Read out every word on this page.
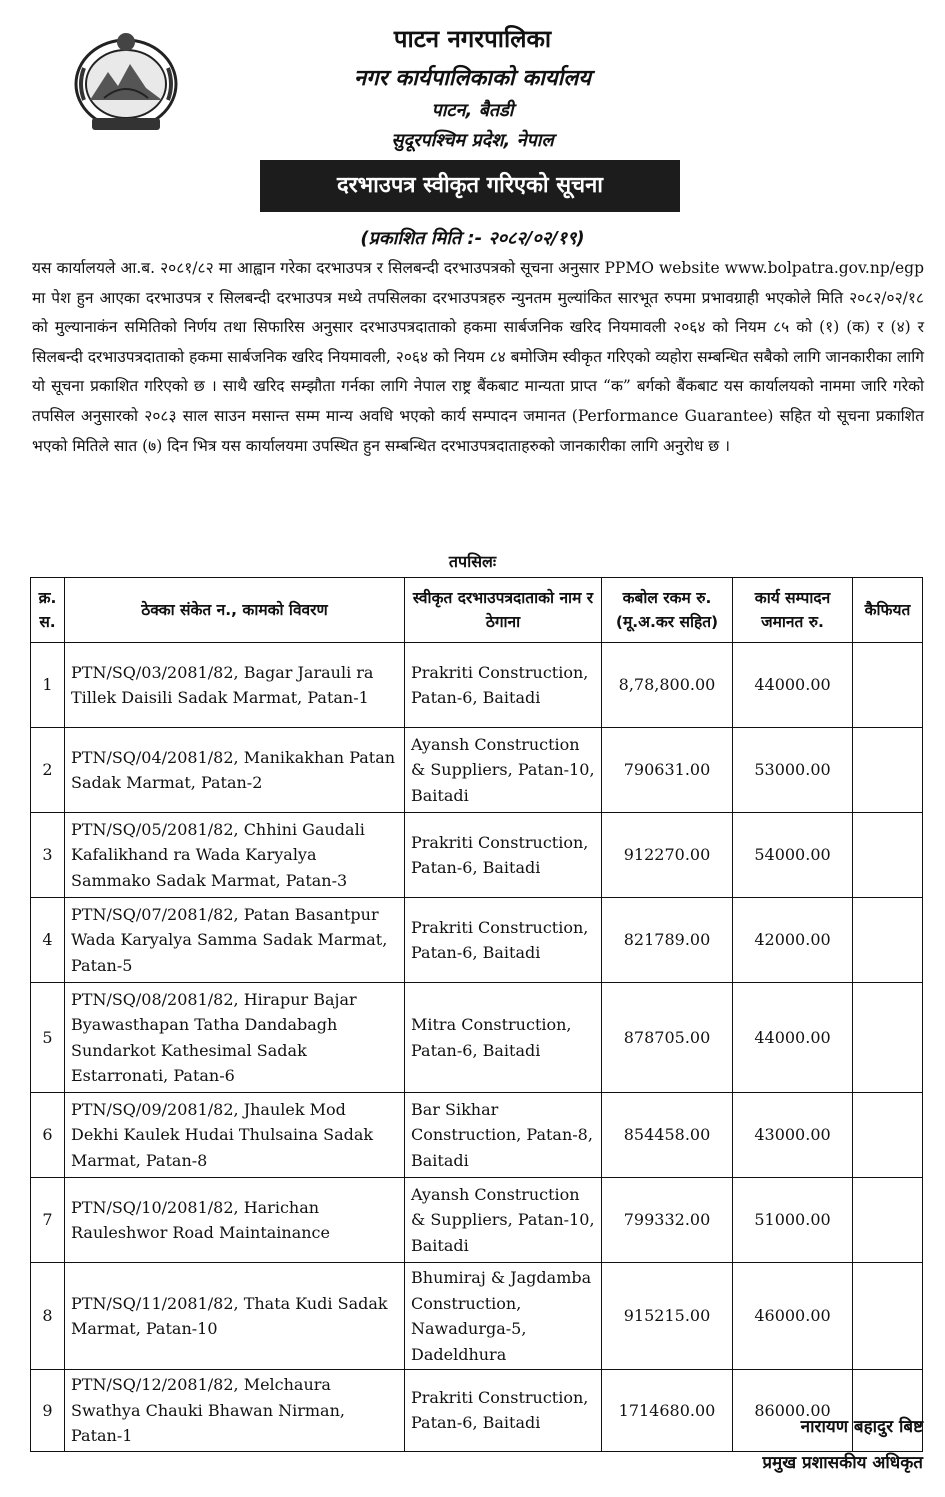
पाटन नगरपालिका
नगर कार्यपालिकाको कार्यालय
पाटन, बैतडी
सुदूरपश्चिम प्रदेश, नेपाल
दरभाउपत्र स्वीकृत गरिएको सूचना
(प्रकाशित मिति :- २०८२/०२/१९)

यस कार्यालयले आ.ब. २०८१/८२ मा आह्वान गरेका दरभाउपत्र र सिलबन्दी दरभाउपत्रको सूचना अनुसार PPMO website www.bolpatra.gov.np/egp मा पेश हुन आएका दरभाउपत्र र सिलबन्दी दरभाउपत्र मध्ये तपसिलका दरभाउपत्रहरु न्युनतम मुल्यांकित सारभूत रुपमा प्रभावग्राही भएकोले मिति २०८२/०२/१८ को मुल्यानाकंन समितिको निर्णय तथा सिफारिस अनुसार दरभाउपत्रदाताको हकमा सार्बजनिक खरिद नियमावली २०६४ को नियम ८५ को (१) (क) र (४) र सिलबन्दी दरभाउपत्रदाताको हकमा सार्बजनिक खरिद नियमावली, २०६४ को नियम ८४ बमोजिम स्वीकृत गरिएको व्यहोरा सम्बन्धित सबैको लागि जानकारीका लागि यो सूचना प्रकाशित गरिएको छ । साथै खरिद सम्झौता गर्नका लागि नेपाल राष्ट्र बैंकबाट मान्यता प्राप्त “क” बर्गको बैंकबाट यस कार्यालयको नाममा जारि गरेको तपसिल अनुसारको २०८३ साल साउन मसान्त सम्म मान्य अवधि भएको कार्य सम्पादन जमानत (Performance Guarantee) सहित यो सूचना प्रकाशित भएको मितिले सात (७) दिन भित्र यस कार्यालयमा उपस्थित हुन सम्बन्धित दरभाउपत्रदाताहरुको जानकारीका लागि अनुरोध छ ।

तपसिलः
क्र. स.	ठेक्का संकेत न., कामको विवरण	स्वीकृत दरभाउपत्रदाताको नाम र ठेगाना	कबोल रकम रु. (मू.अ.कर सहित)	कार्य सम्पादन जमानत रु.	कैफियत
1	PTN/SQ/03/2081/82, Bagar Jarauli ra Tillek Daisili Sadak Marmat, Patan-1	Prakriti Construction, Patan-6, Baitadi	8,78,800.00	44000.00	
2	PTN/SQ/04/2081/82, Manikakhan Patan Sadak Marmat, Patan-2	Ayansh Construction & Suppliers, Patan-10, Baitadi	790631.00	53000.00	
3	PTN/SQ/05/2081/82, Chhini Gaudali Kafalikhand ra Wada Karyalya Sammako Sadak Marmat, Patan-3	Prakriti Construction, Patan-6, Baitadi	912270.00	54000.00	
4	PTN/SQ/07/2081/82, Patan Basantpur Wada Karyalya Samma Sadak Marmat, Patan-5	Prakriti Construction, Patan-6, Baitadi	821789.00	42000.00	
5	PTN/SQ/08/2081/82, Hirapur Bajar Byawasthapan Tatha Dandabagh Sundarkot Kathesimal Sadak Estarronati, Patan-6	Mitra Construction, Patan-6, Baitadi	878705.00	44000.00	
6	PTN/SQ/09/2081/82, Jhaulek Mod Dekhi Kaulek Hudai Thulsaina Sadak Marmat, Patan-8	Bar Sikhar Construction, Patan-8, Baitadi	854458.00	43000.00	
7	PTN/SQ/10/2081/82, Harichan Rauleshwor Road Maintainance	Ayansh Construction & Suppliers, Patan-10, Baitadi	799332.00	51000.00	
8	PTN/SQ/11/2081/82, Thata Kudi Sadak Marmat, Patan-10	Bhumiraj & Jagdamba Construction, Nawadurga-5, Dadeldhura	915215.00	46000.00	
9	PTN/SQ/12/2081/82, Melchaura Swathya Chauki Bhawan Nirman, Patan-1	Prakriti Construction, Patan-6, Baitadi	1714680.00	86000.00	
नारायण बहादुर बिष्ट
प्रमुख प्रशासकीय अधिकृत
